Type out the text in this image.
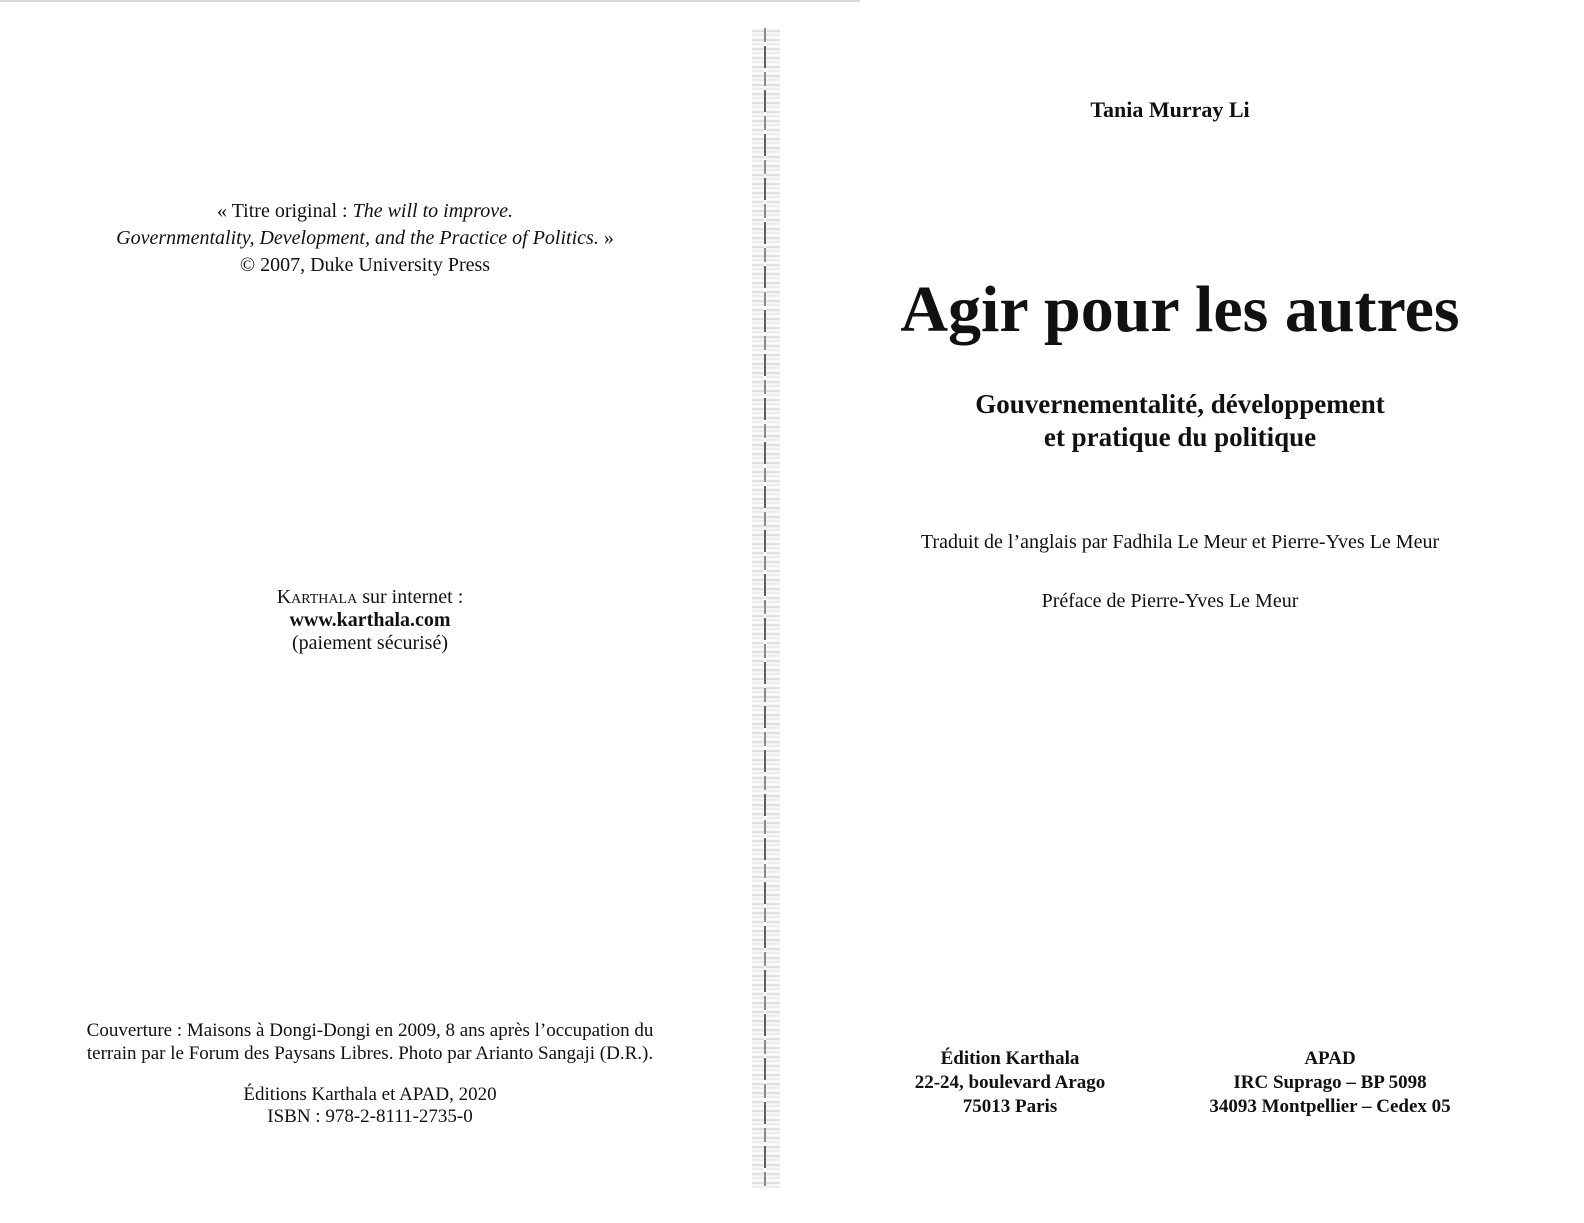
« Titre original : The will to improve.
Governmentality, Development, and the Practice of Politics. »
© 2007, Duke University Press
Karthala sur internet :
www.karthala.com
(paiement sécurisé)
Couverture : Maisons à Dongi-Dongi en 2009, 8 ans après l’occupation du
terrain par le Forum des Paysans Libres. Photo par Arianto Sangaji (D.R.).
Éditions Karthala et APAD, 2020
ISBN : 978-2-8111-2735-0
Tania Murray Li
Agir pour les autres
Gouvernementalité, développement
et pratique du politique
Traduit de l’anglais par Fadhila Le Meur et Pierre-Yves Le Meur
Préface de Pierre-Yves Le Meur
Édition Karthala
22-24, boulevard Arago
75013 Paris
APAD
IRC Suprago – BP 5098
34093 Montpellier – Cedex 05
